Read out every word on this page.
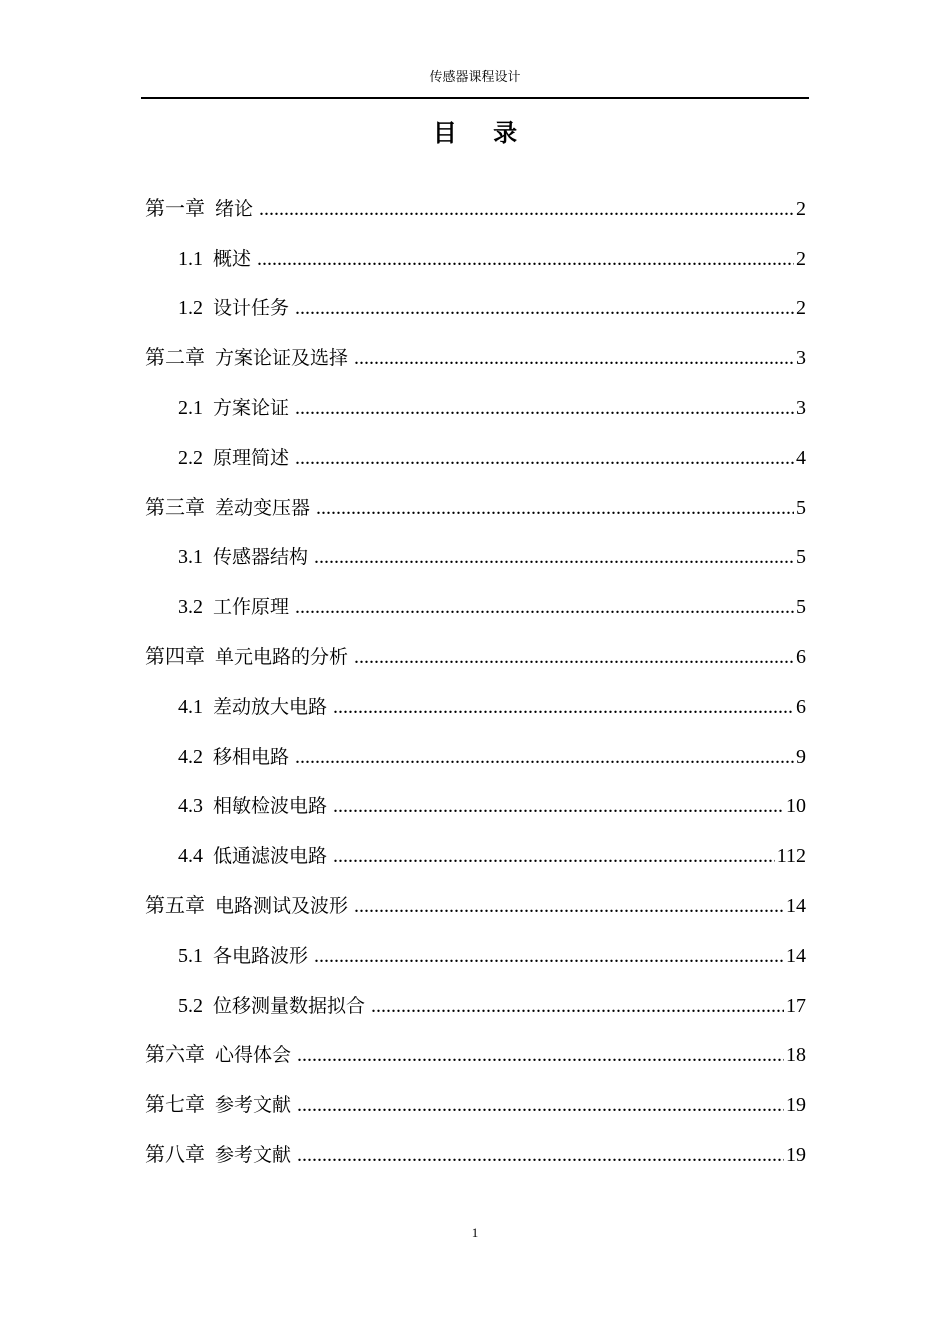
传感器课程设计
目 录
第一章 绪论 .....	2
1.1 概述 .....	2
1.2 设计任务 .....	2
第二章 方案论证及选择 .....	3
2.1 方案论证 .....	3
2.2 原理简述 .....	4
第三章 差动变压器 .....	5
3.1 传感器结构 .....	5
3.2 工作原理 .....	5
第四章 单元电路的分析 .....	6
4.1 差动放大电路 .....	6
4.2 移相电路 .....	9
4.3 相敏检波电路 .....	10
4.4 低通滤波电路 .....	112
第五章 电路测试及波形 .....	14
5.1 各电路波形 .....	14
5.2 位移测量数据拟合 .....	17
第六章 心得体会 .....	18
第七章 参考文献 .....	19
第八章 参考文献 .....	19
1
